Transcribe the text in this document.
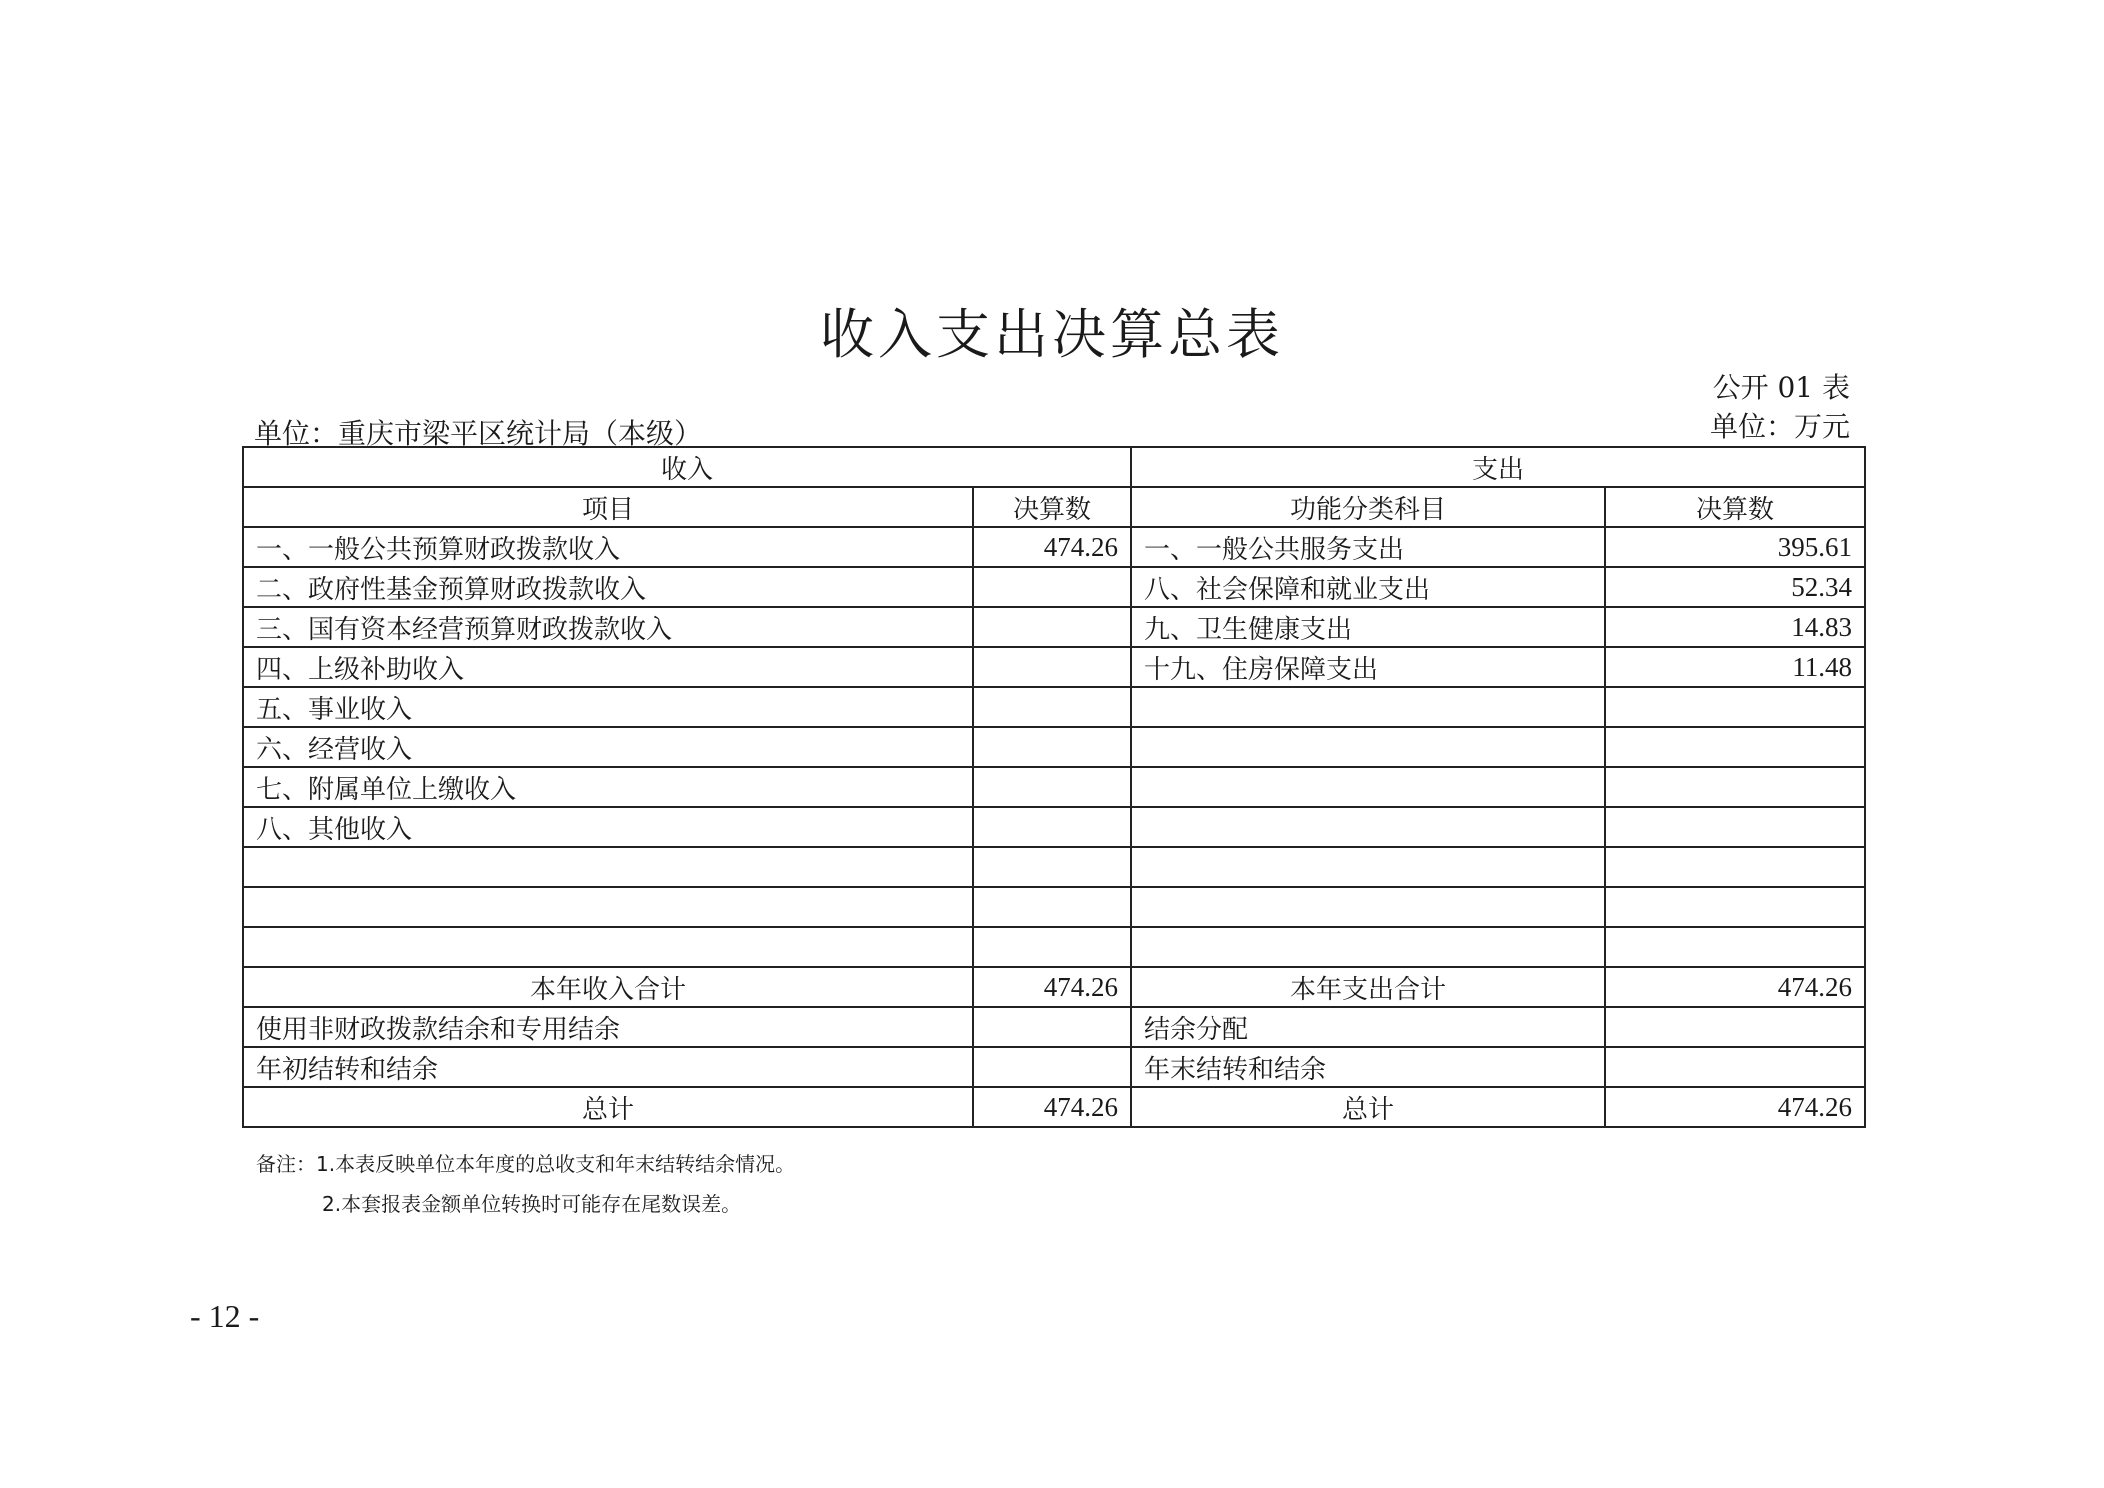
收入支出决算总表
公开 01 表
单位：万元
单位：重庆市梁平区统计局（本级）
收入		支出	
项目	决算数	功能分类科目	决算数
一、一般公共预算财政拨款收入	474.26	一、一般公共服务支出	395.61
二、政府性基金预算财政拨款收入		八、社会保障和就业支出	52.34
三、国有资本经营预算财政拨款收入		九、卫生健康支出	14.83
四、上级补助收入		十九、住房保障支出	11.48
五、事业收入			
六、经营收入			
七、附属单位上缴收入			
八、其他收入			

本年收入合计	474.26	本年支出合计	474.26
使用非财政拨款结余和专用结余		结余分配	
年初结转和结余		年末结转和结余	
总计	474.26	总计	474.26
备注：1.本表反映单位本年度的总收支和年末结转结余情况。
2.本套报表金额单位转换时可能存在尾数误差。
- 12 -
